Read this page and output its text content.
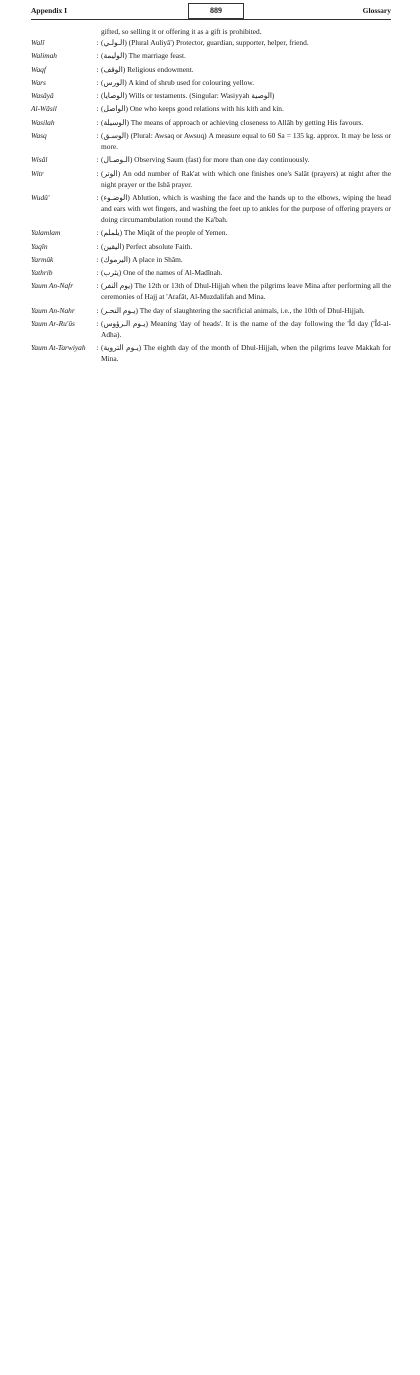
Appendix I	889	Glossary
gifted, so selling it or offering it as a gift is prohibited.
Walî	: (الـولـي) (Plural Auliyâ') Protector, guardian, supporter, helper, friend.
Walimah	: (الوليمة) The marriage feast.
Waqf	: (الوقف) Religious endowment.
Wars	: (الورس) A kind of shrub used for colouring yellow.
Wasâyâ	: (الوصايا) Wills or testaments. (Singular: Wasiyyah الوصية)
Al-Wâsil	: (الواصل) One who keeps good relations with his kith and kin.
Wasilah	: (الوسيلة) The means of approach or achieving closeness to Allâh by getting His favours.
Wasq	: (الوسـق) (Plural: Awsaq or Awsuq) A measure equal to 60 Sa = 135 kg. approx. It may be less or more.
Wisâl	: (الـوصـال) Observing Saum (fast) for more than one day continuously.
Witr	: (الوتر) An odd number of Rak'at with which one finishes one's Salât (prayers) at night after the night prayer or the Ishâ prayer.
Wudû'	: (الوضـوء) Ablution, which is washing the face and the hands up to the elbows, wiping the head and ears with wet fingers, and washing the feet up to ankles for the purpose of offering prayers or doing circumambulation round the Ka'bah.
Yalamlam	: (يلملم) The Miqât of the people of Yemen.
Yaqîn	: (اليقين) Perfect absolute Faith.
Yarmûk	: (اليرموك) A place in Shâm.
Yathrib	: (يثرب) One of the names of Al-Madînah.
Yaum An-Nafr	: (يوم النفر) The 12th or 13th of Dhul-Hijjah when the pilgrims leave Mina after performing all the ceremonies of Hajj at 'Arafât, Al-Muzdalifah and Mina.
Yaum An-Nahr	: (يـوم النحـر) The day of slaughtering the sacrificial animals, i.e., the 10th of Dhul-Hijjah.
Yaum Ar-Ru'ûs	: (يـوم الـرؤوس) Meaning 'day of heads'. It is the name of the day following the 'Îd day ('Îd-al-Adha).
Yaum At-Tarwiyah	: (يـوم التروية) The eighth day of the month of Dhul-Hijjah, when the pilgrims leave Makkah for Mina.
